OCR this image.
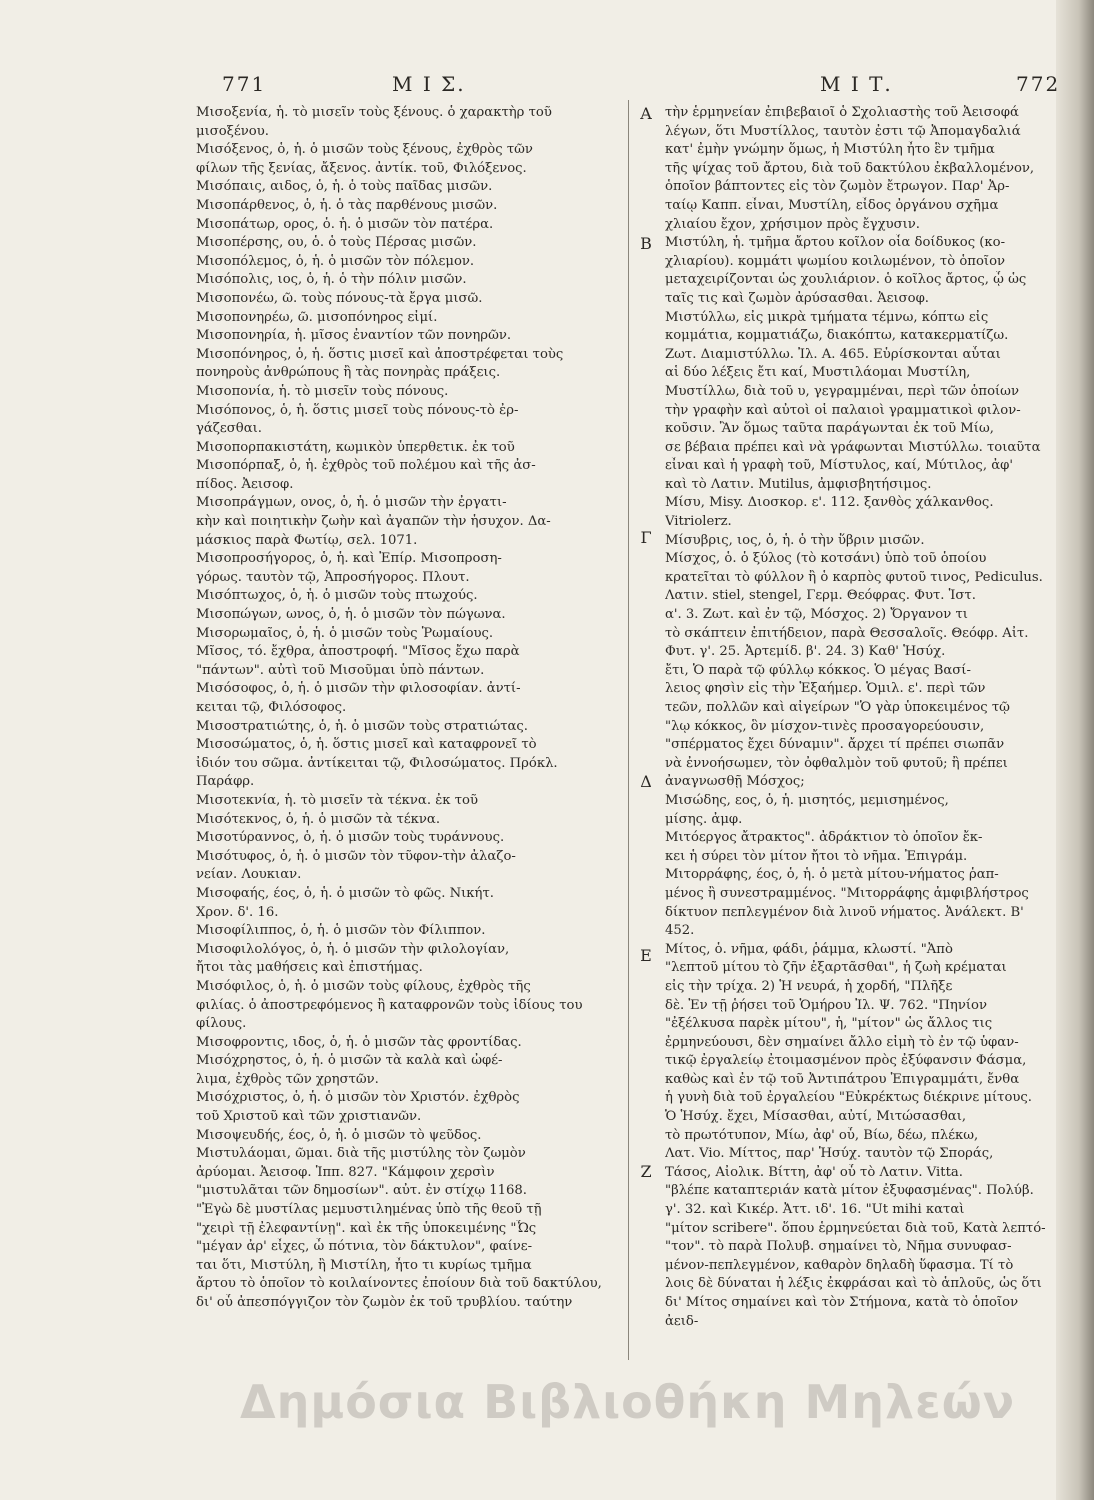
771	Μ Ι Σ.	Μ Ι Τ.	772

Μισοξενία, ἡ. τὸ μισεῖν τοὺς ξένους. ὁ χαρακτὴρ τοῦ

μισοξένου.

Μισόξενος, ὁ, ἡ. ὁ μισῶν τοὺς ξένους, ἐχθρὸς τῶν

φίλων τῆς ξενίας, ἄξενος. ἀντίκ. τοῦ, Φιλόξενος.

Μισόπαις, αιδος, ὁ, ἡ. ὁ τοὺς παῖδας μισῶν.

Μισοπάρθενος, ὁ, ἡ. ὁ τὰς παρθένους μισῶν.

Μισοπάτωρ, ορος, ὁ. ἡ. ὁ μισῶν τὸν πατέρα.

Μισοπέρσης, ου, ὁ. ὁ τοὺς Πέρσας μισῶν.

Μισοπόλεμος, ὁ, ἡ. ὁ μισῶν τὸν πόλεμον.

Μισόπολις, ιος, ὁ, ἡ. ὁ τὴν πόλιν μισῶν.

Μισοπονέω, ῶ. τοὺς πόνους-τὰ ἔργα μισῶ.

Μισοπονηρέω, ῶ. μισοπόνηρος εἰμί.

Μισοπονηρία, ἡ. μῖσος ἐναντίον τῶν πονηρῶν.

Μισοπόνηρος, ὁ, ἡ. ὅστις μισεῖ καὶ ἀποστρέφεται τοὺς

πονηροὺς ἀνθρώπους ἢ τὰς πονηρὰς πράξεις.

Μισοπονία, ἡ. τὸ μισεῖν τοὺς πόνους.

Μισόπονος, ὁ, ἡ. ὅστις μισεῖ τοὺς πόνους-τὸ ἐρ-

γάζεσθαι.

Μισοπορπακιστάτη, κωμικὸν ὑπερθετικ. ἐκ τοῦ

Μισοπόρπαξ, ὁ, ἡ. ἐχθρὸς τοῦ πολέμου καὶ τῆς ἀσ-

πίδος. Ἀεισοφ.

Μισοπράγμων, ονος, ὁ, ἡ. ὁ μισῶν τὴν ἐργατι-

κὴν καὶ ποιητικὴν ζωὴν καὶ ἀγαπῶν τὴν ἡσυχον. Δα-

μάσκιος παρὰ Φωτίῳ, σελ. 1071.

Μισοπροσήγορος, ὁ, ἡ. καὶ Ἐπίρ. Μισοπροση-

γόρως. ταυτὸν τῷ, Ἀπροσήγορος. Πλουτ.

Μισόπτωχος, ὁ, ἡ. ὁ μισῶν τοὺς πτωχούς.

Μισοπώγων, ωνος, ὁ, ἡ. ὁ μισῶν τὸν πώγωνα.

Μισορωμαῖος, ὁ, ἡ. ὁ μισῶν τοὺς Ῥωμαίους.

Μῖσος, τό. ἔχθρα, ἀποστροφή. "Μῖσος ἔχω παρὰ

"πάντων". αὐτὶ τοῦ Μισοῦμαι ὑπὸ πάντων.

Μισόσοφος, ὁ, ἡ. ὁ μισῶν τὴν φιλοσοφίαν. ἀντί-

κειται τῷ, Φιλόσοφος.

Μισοστρατιώτης, ὁ, ἡ. ὁ μισῶν τοὺς στρατιώτας.

Μισοσώματος, ὁ, ἡ. ὅστις μισεῖ καὶ καταφρονεῖ τὸ

ἰδιόν του σῶμα. ἀντίκειται τῷ, Φιλοσώματος. Πρόκλ.

Παράφρ.

Μισοτεκνία, ἡ. τὸ μισεῖν τὰ τέκνα. ἐκ τοῦ

Μισότεκνος, ὁ, ἡ. ὁ μισῶν τὰ τέκνα.

Μισοτύραννος, ὁ, ἡ. ὁ μισῶν τοὺς τυράννους.

Μισότυφος, ὁ, ἡ. ὁ μισῶν τὸν τῦφον-τὴν ἀλαζο-

νείαν. Λουκιαν.

Μισοφαής, έος, ὁ, ἡ. ὁ μισῶν τὸ φῶς. Νικήτ.

Χρον. δ'. 16.

Μισοφίλιππος, ὁ, ἡ. ὁ μισῶν τὸν Φίλιππον.

Μισοφιλολόγος, ὁ, ἡ. ὁ μισῶν τὴν φιλολογίαν,

ἤτοι τὰς μαθήσεις καὶ ἐπιστήμας.

Μισόφιλος, ὁ, ἡ. ὁ μισῶν τοὺς φίλους, ἐχθρὸς τῆς

φιλίας. ὁ ἀποστρεφόμενος ἢ καταφρονῶν τοὺς ἰδίους του

φίλους.

Μισοφροντις, ιδος, ὁ, ἡ. ὁ μισῶν τὰς φροντίδας.

Μισόχρηστος, ὁ, ἡ. ὁ μισῶν τὰ καλὰ καὶ ὠφέ-

λιμα, ἐχθρὸς τῶν χρηστῶν.

Μισόχριστος, ὁ, ἡ. ὁ μισῶν τὸν Χριστόν. ἐχθρὸς

τοῦ Χριστοῦ καὶ τῶν χριστιανῶν.

Μισοψευδής, έος, ὁ, ἡ. ὁ μισῶν τὸ ψεῦδος.

Μιστυλάομαι, ῶμαι. διὰ τῆς μιστύλης τὸν ζωμὸν

ἀρύομαι. Ἀεισοφ. Ἱππ. 827. "Κάμφοιν χερσὶν

"μιστυλᾶται τῶν δημοσίων". αὐτ. ἐν στίχῳ 1168.

"Ἐγὼ δὲ μυστίλας μεμυστιλημένας ὑπὸ τῆς θεοῦ τῇ

"χειρὶ τῇ ἐλεφαντίνῃ". καὶ ἐκ τῆς ὑποκειμένης "Ὦς

"μέγαν ἀρ' εἶχες, ὦ πότνια, τὸν δάκτυλον", φαίνε-

ται ὅτι, Μιστύλη, ἢ Μιστίλη, ἦτο τι κυρίως τμῆμα

ἄρτου τὸ ὁποῖον τὸ κοιλαίνοντες ἐποίουν διὰ τοῦ δακτύλου,

δι' οὗ ἀπεσπόγγιζον τὸν ζωμὸν ἐκ τοῦ τρυβλίου. ταύτην

Α
Β
Γ
Δ
Ε
Ζ

τὴν ἑρμηνείαν ἐπιβεβαιοῖ ὁ Σχολιαστὴς τοῦ Ἀεισοφά

λέγων, ὅτι Μυστίλλος, ταυτὸν ἐστι τῷ Ἀπομαγδαλιά

κατ' ἐμὴν γνώμην ὅμως, ἡ Μιστύλη ἦτο ἓν τμῆμα

τῆς ψίχας τοῦ ἄρτου, διὰ τοῦ δακτύλου ἐκβαλλομένον,

ὁποῖον βάπτοντες εἰς τὸν ζωμὸν ἔτρωγον. Παρ' Ἀρ-

ταίῳ Καππ. εἶναι, Μυστίλη, εἶδος ὀργάνου σχῆμα

χλιαίου ἔχον, χρήσιμον πρὸς ἔγχυσιν.

Μιστύλη, ἡ. τμῆμα ἄρτου κοῖλον οἷα δοίδυκος (κο-

χλιαρίου). κομμάτι ψωμίου κοιλωμένον, τὸ ὁποῖον

μεταχειρίζονται ὡς χουλιάριον. ὁ κοῖλος ἄρτος, ᾧ ὡς

ταῖς τις καὶ ζωμὸν ἀρύσασθαι. Ἀεισοφ.

Μιστύλλω, εἰς μικρὰ τμήματα τέμνω, κόπτω εἰς

κομμάτια, κομματιάζω, διακόπτω, κατακερματίζω.

Ζωτ. Διαμιστύλλω. Ἰλ. Α. 465. Εὑρίσκονται αὗται

αἱ δύο λέξεις ἔτι καί, Μυστιλάομαι Μυστίλη,

Μυστίλλω, διὰ τοῦ υ, γεγραμμέναι, περὶ τῶν ὁποίων

τὴν γραφὴν καὶ αὐτοὶ οἱ παλαιοὶ γραμματικοὶ φιλον-

κοῦσιν. Ἂν ὅμως ταῦτα παράγωνται ἐκ τοῦ Μίω,

σε βέβαια πρέπει καὶ νὰ γράφωνται Μιστύλλω. τοιαῦτα

εἶναι καὶ ἡ γραφὴ τοῦ, Μίστυλος, καί, Μύτιλος, ἀφ'

καὶ τὸ Λατιν. Mutilus, ἀμφισβητήσιμος.

Μίσυ, Misy. Διοσκορ. ε'. 112. ξανθὸς χάλκανθος.

Vitriolerz.

Μίσυβρις, ιος, ὁ, ἡ. ὁ τὴν ὕβριν μισῶν.

Μίσχος, ὁ. ὁ ξύλος (τὸ κοτσάνι) ὑπὸ τοῦ ὁποίου

κρατεῖται τὸ φύλλον ἢ ὁ καρπὸς φυτοῦ τινος, Pediculus.

Λατιν. stiel, stengel, Γερμ. Θεόφρας. Φυτ. Ἱστ.

α'. 3. Ζωτ. καὶ ἐν τῷ, Μόσχος. 2) Ὄργανον τι

τὸ σκάπτειν ἐπιτήδειον, παρὰ Θεσσαλοῖς. Θεόφρ. Αἰτ.

Φυτ. γ'. 25. Ἀρτεμίδ. β'. 24. 3) Καθ' Ἡσύχ.

ἔτι, Ὁ παρὰ τῷ φύλλῳ κόκκος. Ὁ μέγας Βασί-

λειος φησὶν εἰς τὴν Ἑξαήμερ. Ὁμιλ. ε'. περὶ τῶν

τεῶν, πολλῶν καὶ αἰγείρων "Ὁ γὰρ ὑποκειμένος τῷ

"λῳ κόκκος, ὃν μίσχον-τινὲς προσαγορεύουσιν,

"σπέρματος ἔχει δύναμιν". ἄρχει τί πρέπει σιωπᾶν

νὰ ἐννοήσωμεν, τὸν ὀφθαλμὸν τοῦ φυτοῦ; ἢ πρέπει

ἀναγνωσθῇ Μόσχος;

Μισώδης, εος, ὁ, ἡ. μισητός, μεμισημένος,

μίσης. ἀμφ.

Μιτόεργος ἄτρακτος". ἀδράκτιον τὸ ὁποῖον ἔκ-

κει ἡ σύρει τὸν μίτον ἤτοι τὸ νῆμα. Ἐπιγράμ.

Μιτορράφης, έος, ὁ, ἡ. ὁ μετὰ μίτου-νήματος ῥαπ-

μένος ἢ συνεστραμμένος. "Μιτορράφης ἀμφιβλήστρος

δίκτυον πεπλεγμένον διὰ λινοῦ νήματος. Ἀνάλεκτ. Β'

452.

Μίτος, ὁ. νῆμα, φάδι, ῥάμμα, κλωστί. "Ἀπὸ

"λεπτοῦ μίτου τὸ ζῆν ἐξαρτᾶσθαι", ἡ ζωὴ κρέμαται

εἰς τὴν τρίχα. 2) Ἡ νευρά, ἡ χορδή, "Πλῆξε

δὲ. Ἐν τῇ ῥήσει τοῦ Ὁμήρου Ἰλ. Ψ. 762. "Πηνίον

"ἐξέλκυσα παρὲκ μίτου", ἡ, "μίτον" ὡς ἄλλος τις

ἐρμηνεύουσι, δὲν σημαίνει ἄλλο εἰμὴ τὸ ἐν τῷ ὑφαν-

τικῷ ἐργαλείῳ ἐτοιμασμένον πρὸς ἐξύφανσιν Φάσμα,

καθὼς καὶ ἐν τῷ τοῦ Ἀντιπάτρου Ἐπιγραμμάτι, ἔνθα

ἡ γυνὴ διὰ τοῦ ἐργαλείου "Εὐκρέκτως διέκρινε μίτους.

Ὁ Ἡσύχ. ἔχει, Μίσασθαι, αὐτί, Μιτώσασθαι,

τὸ πρωτότυπον, Μίω, ἀφ' οὗ, Βίω, δέω, πλέκω,

Λατ. Vio. Μίττος, παρ' Ἡσύχ. ταυτὸν τῷ Σποράς,

Τάσος, Αἰολικ. Βίττη, ἀφ' οὗ τὸ Λατιν. Vitta.

"βλέπε καταπτεριάν κατὰ μίτον ἐξυφασμένας". Πολύβ.

γ'. 32. καὶ Κικέρ. Ἀττ. ιδ'. 16. "Ut mihi καταὶ

"μίτον scribere". ὅπου ἑρμηνεύεται διὰ τοῦ, Κατὰ λεπτό-

"τον". τὸ παρὰ Πολυβ. σημαίνει τὸ, Νῆμα συνυφασ-

μένον-πεπλεγμένον, καθαρὸν δηλαδὴ ὕφασμα. Τί τὸ

λοις δὲ δύναται ἡ λέξις ἐκφράσαι καὶ τὸ ἁπλοῦς, ὡς ὅτι

δι' Μίτος σημαίνει καὶ τὸν Στήμονα, κατὰ τὸ ὁποῖον

ἀειδ-

Δημόσια Βιβλιοθήκη Μηλεών
